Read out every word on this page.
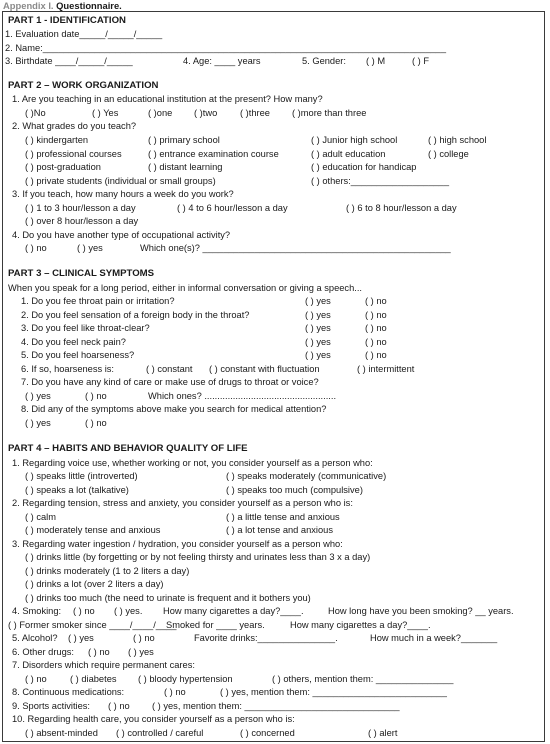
Appendix I. Questionnaire.
PART 1 - IDENTIFICATION
1. Evaluation date_____/_____/_____
2. Name:______________________________________________________________________________
3. Birthdate ____/_____/_____	4. Age: ____ years	5. Gender: ( ) M	( ) F
PART 2 – WORK ORGANIZATION
1. Are you teaching in an educational institution at the present? How many?
( )No	( ) Yes	( )one ( )two ( )three ( )more than three
2. What grades do you teach?
( ) kindergarten	( ) primary school	( ) Junior high school	( ) high school
( ) professional courses	( ) entrance examination course	( ) adult education	( ) college
( ) post-graduation	( ) distant learning	( ) education for handicap
( ) private students (individual or small groups)	( ) others:___________________
3. If you teach, how many hours a week do you work?
( ) 1 to 3 hour/lesson a day	( ) 4 to 6 hour/lesson a day	( ) 6 to 8 hour/lesson a day
( ) over 8 hour/lesson a day
4. Do you have another type of occupational activity?
( ) no	( ) yes	Which one(s)? ________________________________________________
PART 3 – CLINICAL SYMPTOMS
When you speak for a long period, either in informal conversation or giving a speech...
1. Do you fee throat pain or irritation?	( ) yes	( ) no
2. Do you feel sensation of a foreign body in the throat?	( ) yes	( ) no
3. Do you feel like throat-clear?	( ) yes	( ) no
4. Do you feel neck pain?	( ) yes	( ) no
5. Do you feel hoarseness?	( ) yes	( ) no
6. If so, hoarseness is:	( ) constant ( ) constant with fluctuation	( ) intermittent
7. Do you have any kind of care or make use of drugs to throat or voice?
( ) yes	( ) no	Which ones? ...................................................
8. Did any of the symptoms above make you search for medical attention?
( ) yes	( ) no
PART 4 – HABITS AND BEHAVIOR QUALITY OF LIFE
1. Regarding voice use, whether working or not, you consider yourself as a person who:
( ) speaks little (introverted)	( ) speaks moderately (communicative)
( ) speaks a lot (talkative)	( ) speaks too much (compulsive)
2. Regarding tension, stress and anxiety, you consider yourself as a person who is:
( ) calm	( ) a little tense and anxious
( ) moderately tense and anxious	( ) a lot tense and anxious
3. Regarding water ingestion / hydration, you consider yourself as a person who:
( ) drinks little (by forgetting or by not feeling thirsty and urinates less than 3 x a day)
( ) drinks moderately (1 to 2 liters a day)
( ) drinks a lot (over 2 liters a day)
( ) drinks too much (the need to urinate is frequent and it bothers you)
4. Smoking: ( ) no ( ) yes. How many cigarettes a day?____.	How long have you been smoking? __ years.
( ) Former smoker since ____/____/____
Smoked for ____ years.	How many cigarettes a day?____.
5. Alcohol? ( ) yes	( ) no	Favorite drinks:_______________.	How much in a week?_______
6. Other drugs: ( ) no ( ) yes
7. Disorders which require permanent cares:
( ) no	( ) diabetes ( ) bloody hypertension	( ) others, mention them: _______________
8. Continuous medications:	( ) no	( ) yes, mention them: __________________________
9. Sports activities: ( ) no ( ) yes, mention them: ______________________________
10. Regarding health care, you consider yourself as a person who is:
( ) absent-minded ( ) controlled / careful	( ) concerned	( ) alert
